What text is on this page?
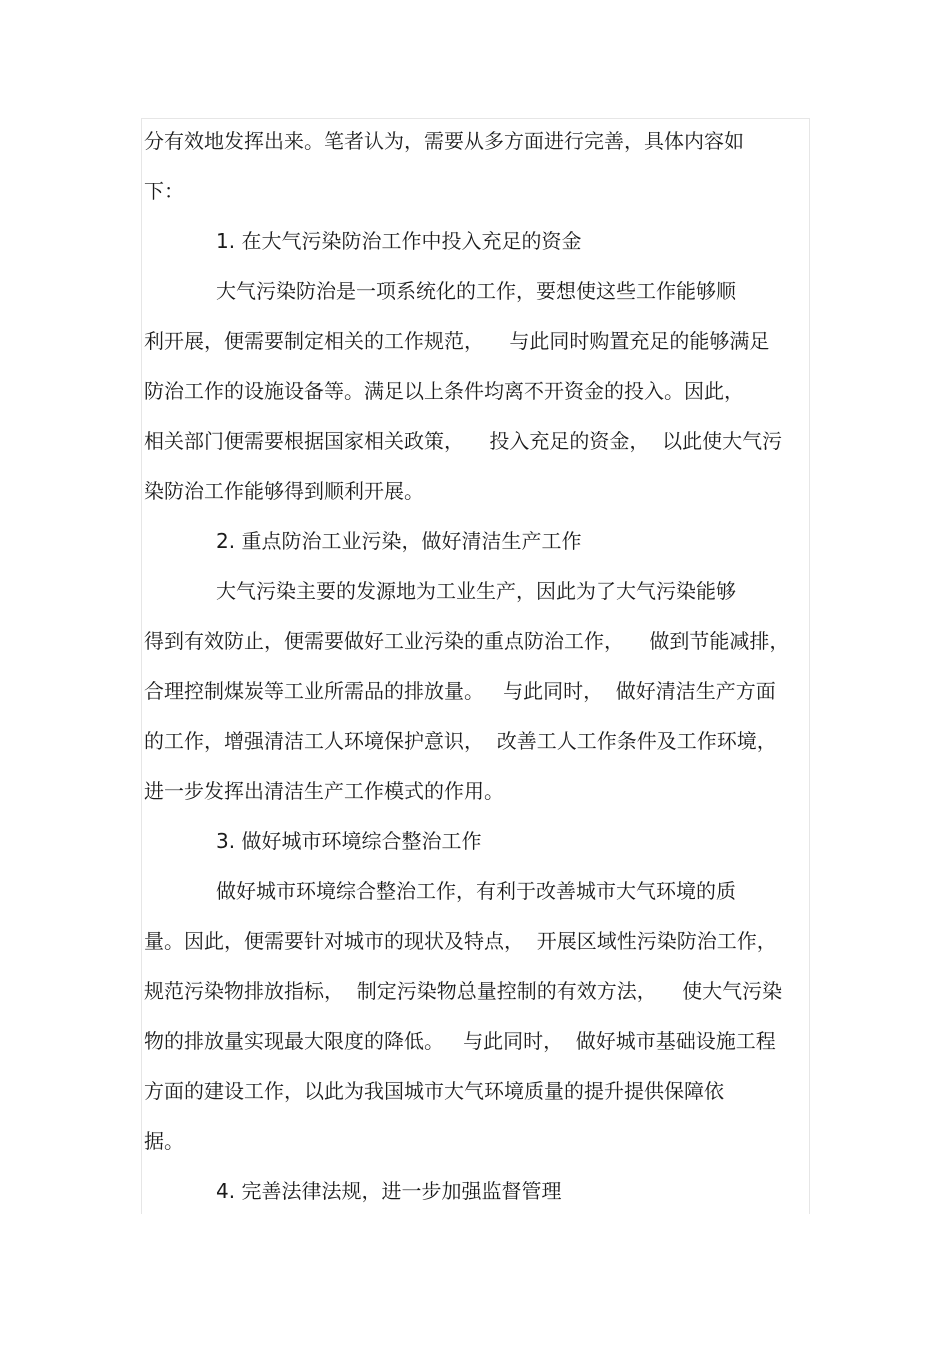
分有效地发挥出来。笔者认为，需要从多方面进行完善，具体内容如
下：
1. 在大气污染防治工作中投入充足的资金
大气污染防治是一项系统化的工作，要想使这些工作能够顺
利开展，便需要制定相关的工作规范，    与此同时购置充足的能够满足
防治工作的设施设备等。满足以上条件均离不开资金的投入。因此，
相关部门便需要根据国家相关政策，    投入充足的资金，  以此使大气污
染防治工作能够得到顺利开展。
2. 重点防治工业污染，做好清洁生产工作
大气污染主要的发源地为工业生产，因此为了大气污染能够
得到有效防止，便需要做好工业污染的重点防治工作，    做到节能减排，
合理控制煤炭等工业所需品的排放量。   与此同时，  做好清洁生产方面
的工作，增强清洁工人环境保护意识，  改善工人工作条件及工作环境，
进一步发挥出清洁生产工作模式的作用。
3. 做好城市环境综合整治工作
做好城市环境综合整治工作，有利于改善城市大气环境的质
量。因此，便需要针对城市的现状及特点，  开展区域性污染防治工作，
规范污染物排放指标，  制定污染物总量控制的有效方法，    使大气污染
物的排放量实现最大限度的降低。   与此同时，  做好城市基础设施工程
方面的建设工作，以此为我国城市大气环境质量的提升提供保障依
据。
4. 完善法律法规，进一步加强监督管理
